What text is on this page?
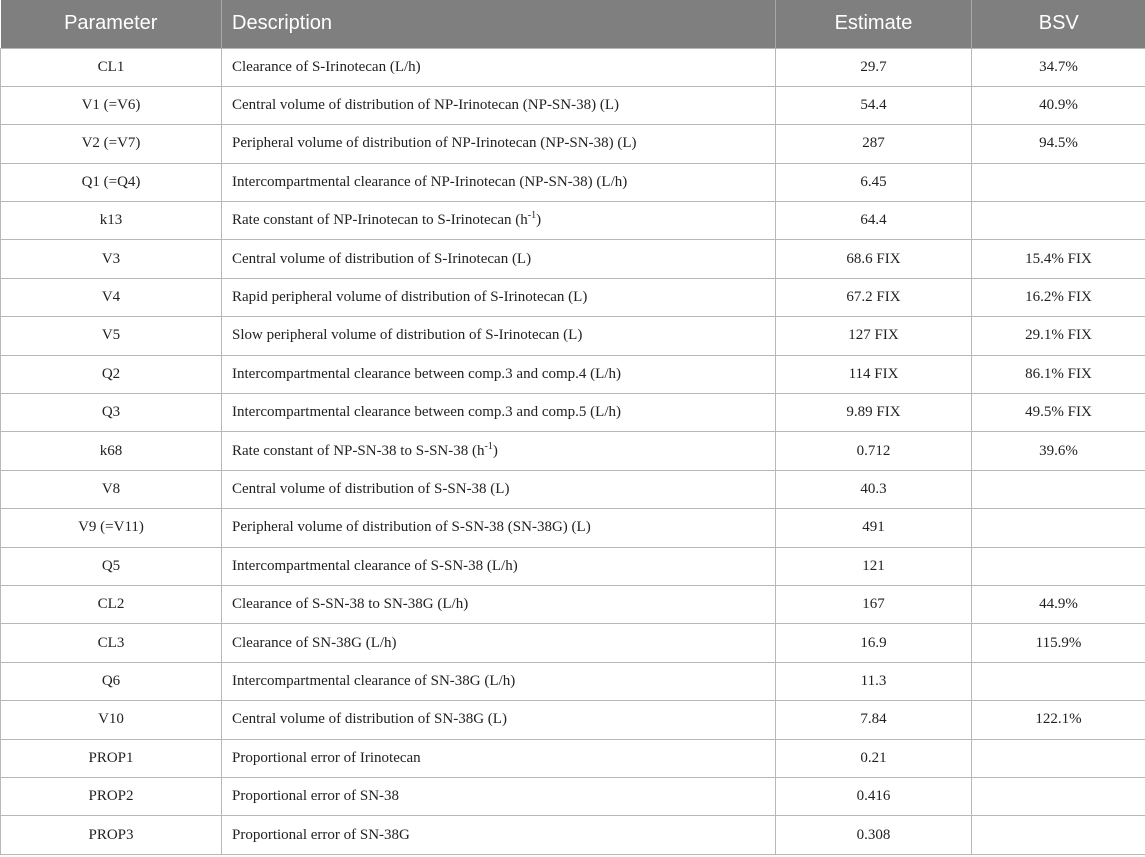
Parameter	Description	Estimate	BSV
CL1	Clearance of S-Irinotecan (L/h)	29.7	34.7%
V1 (=V6)	Central volume of distribution of NP-Irinotecan (NP-SN-38) (L)	54.4	40.9%
V2 (=V7)	Peripheral volume of distribution of NP-Irinotecan (NP-SN-38) (L)	287	94.5%
Q1 (=Q4)	Intercompartmental clearance of NP-Irinotecan (NP-SN-38) (L/h)	6.45	
k13	Rate constant of NP-Irinotecan to S-Irinotecan $(h^{-1})$	64.4	
V3	Central volume of distribution of S-Irinotecan (L)	68.6 FIX	15.4% FIX
V4	Rapid peripheral volume of distribution of S-Irinotecan (L)	67.2 FIX	16.2% FIX
V5	Slow peripheral volume of distribution of S-Irinotecan (L)	127 FIX	29.1% FIX
Q2	Intercompartmental clearance between comp.3 and comp.4 (L/h)	114 FIX	86.1% FIX
Q3	Intercompartmental clearance between comp.3 and comp.5 (L/h)	9.89 FIX	49.5% FIX
k68	Rate constant of NP-SN-38 to S-SN-38 $(h^{-1})$	0.712	39.6%
V8	Central volume of distribution of S-SN-38 (L)	40.3	
V9 (=V11)	Peripheral volume of distribution of S-SN-38 (SN-38G) (L)	491	
Q5	Intercompartmental clearance of S-SN-38 (L/h)	121	
CL2	Clearance of S-SN-38 to SN-38G (L/h)	167	44.9%
CL3	Clearance of SN-38G (L/h)	16.9	115.9%
Q6	Intercompartmental clearance of SN-38G (L/h)	11.3	
V10	Central volume of distribution of SN-38G (L)	7.84	122.1%
PROP1	Proportional error of Irinotecan	0.21	
PROP2	Proportional error of SN-38	0.416	
PROP3	Proportional error of SN-38G	0.308	
